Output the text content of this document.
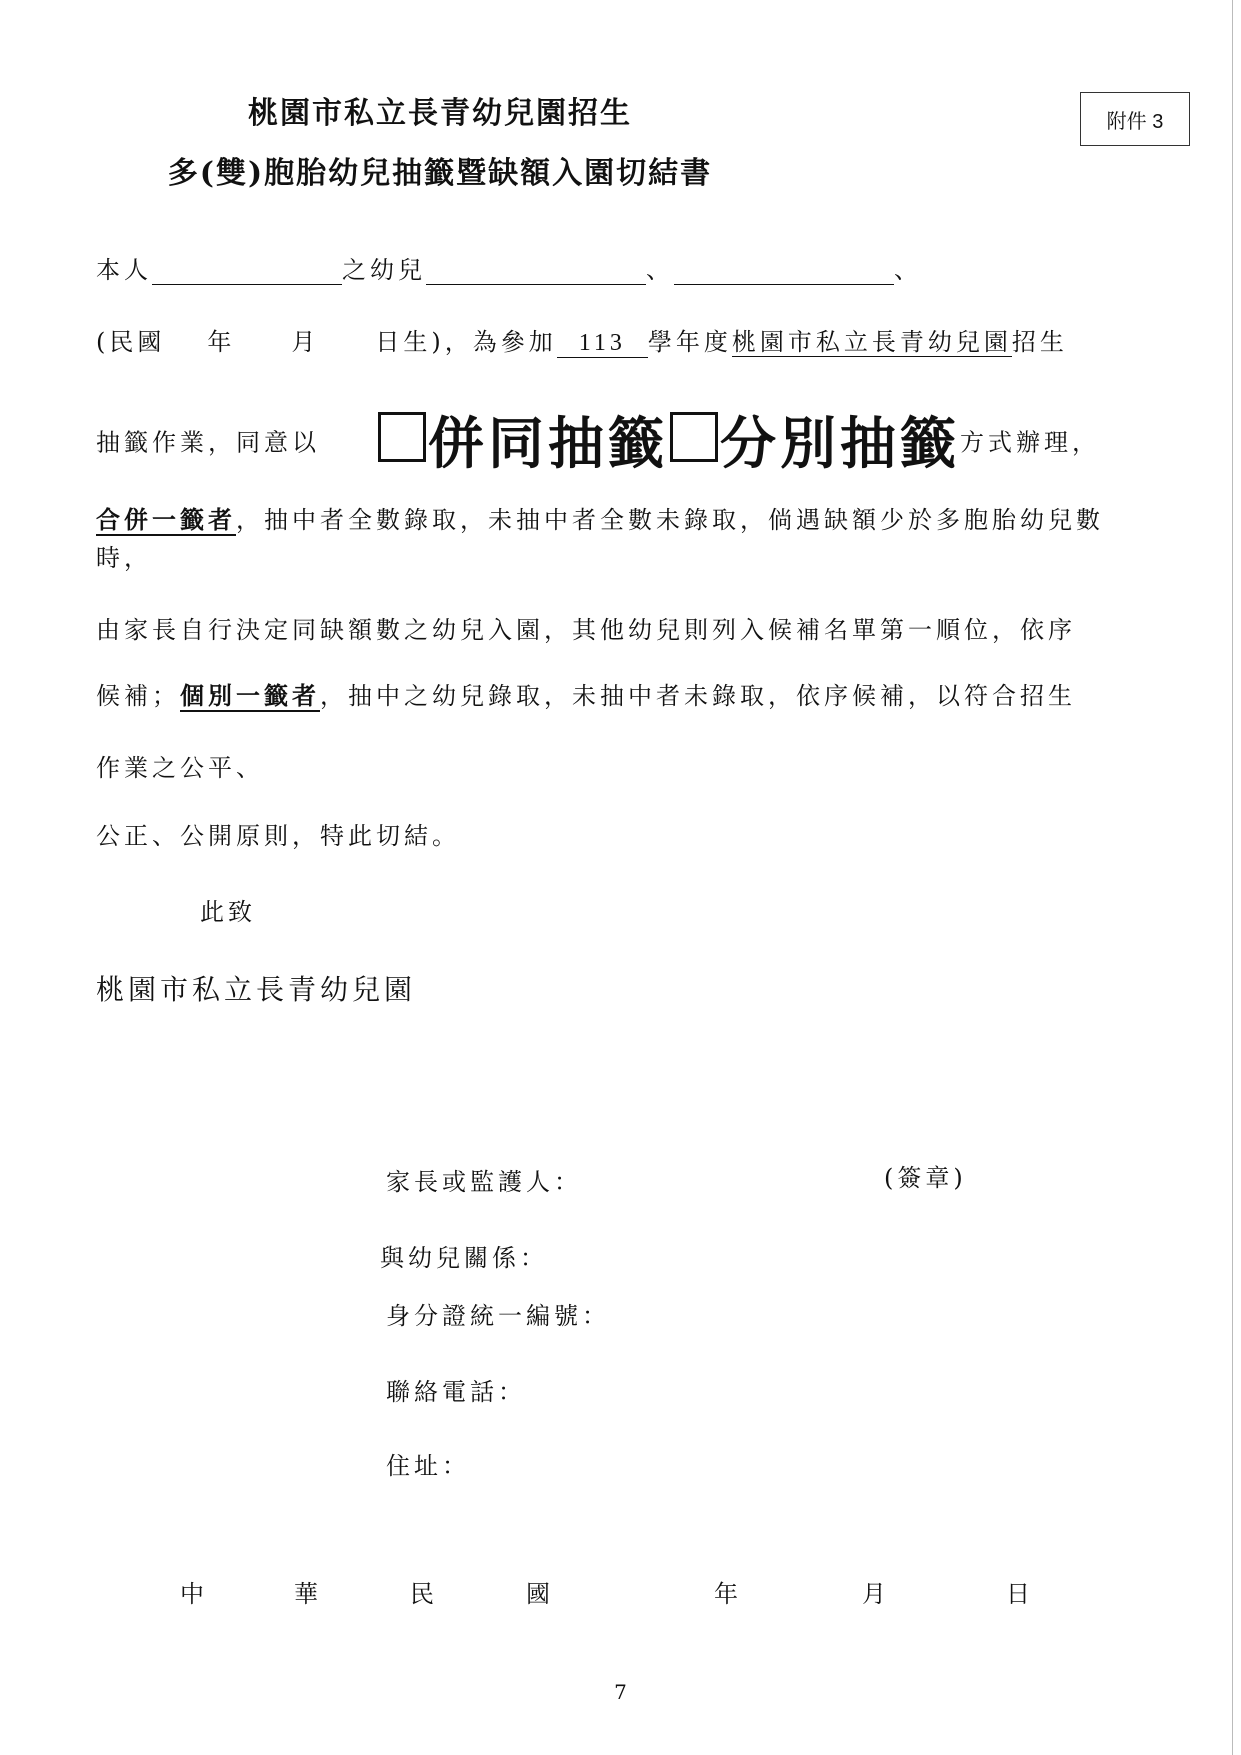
桃園市私立長青幼兒園招生
多(雙)胞胎幼兒抽籤暨缺額入園切結書
附件 3
本人	之幼兒	、	、
(民國 年 月 日生)，為參加 113 學年度桃園市私立長青幼兒園招生
抽籤作業，同意以 併同抽籤 分別抽籤方式辦理，
合併一籤者，抽中者全數錄取，未抽中者全數未錄取，倘遇缺額少於多胞胎幼兒數
時，
由家長自行決定同缺額數之幼兒入園，其他幼兒則列入候補名單第一順位，依序
候補；個別一籤者，抽中之幼兒錄取，未抽中者未錄取，依序候補，以符合招生
作業之公平、
公正、公開原則，特此切結。
此致
桃園市私立長青幼兒園
家長或監護人：	(簽章)
與幼兒關係：
身分證統一編號：
聯絡電話：
住址：
中	華	民	國	年	月	日
7
